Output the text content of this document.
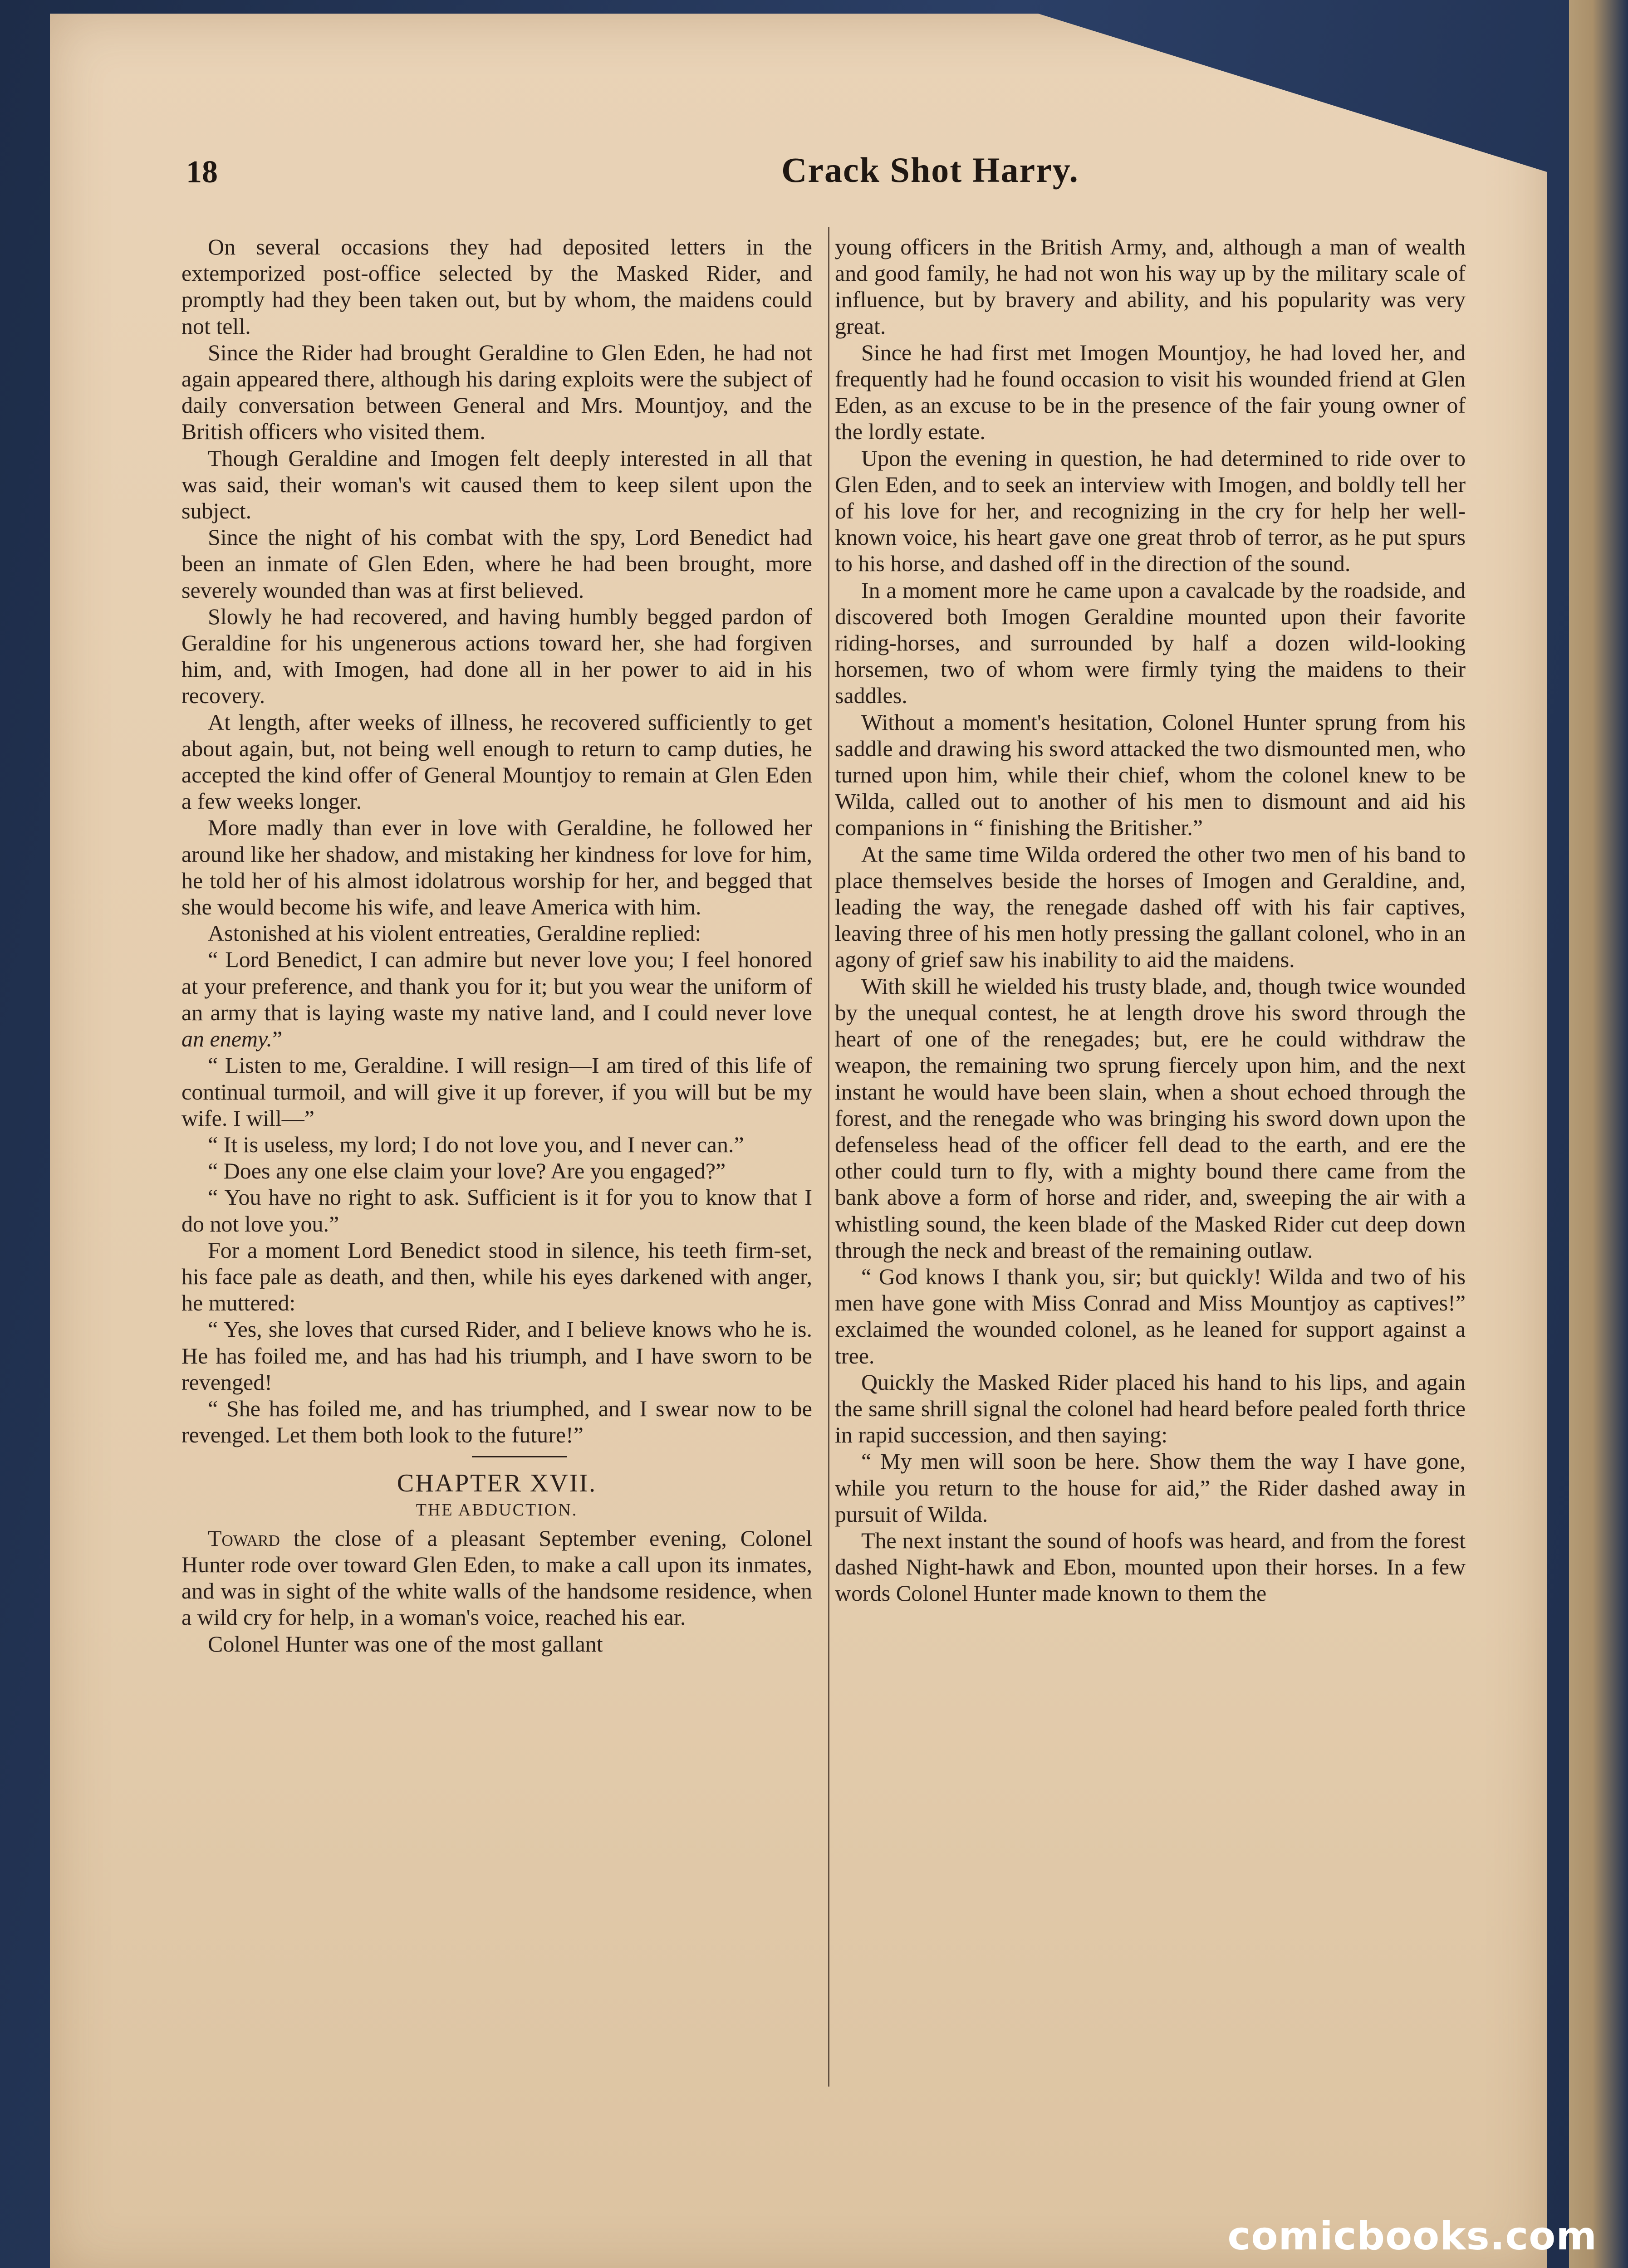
18	Crack Shot Harry.

On several occasions they had deposited letters in the extemporized post-office selected by the Masked Rider, and promptly had they been taken out, but by whom, the maidens could not tell.

Since the Rider had brought Geraldine to Glen Eden, he had not again appeared there, although his daring exploits were the subject of daily conversation between General and Mrs. Mountjoy, and the British officers who visited them.

Though Geraldine and Imogen felt deeply interested in all that was said, their woman's wit caused them to keep silent upon the subject.

Since the night of his combat with the spy, Lord Benedict had been an inmate of Glen Eden, where he had been brought, more severely wounded than was at first believed.

Slowly he had recovered, and having humbly begged pardon of Geraldine for his ungenerous actions toward her, she had forgiven him, and, with Imogen, had done all in her power to aid in his recovery.

At length, after weeks of illness, he recovered sufficiently to get about again, but, not being well enough to return to camp duties, he accepted the kind offer of General Mountjoy to remain at Glen Eden a few weeks longer.

More madly than ever in love with Geraldine, he followed her around like her shadow, and mistaking her kindness for love for him, he told her of his almost idolatrous worship for her, and begged that she would become his wife, and leave America with him.

Astonished at his violent entreaties, Geraldine replied:

“ Lord Benedict, I can admire but never love you; I feel honored at your preference, and thank you for it; but you wear the uniform of an army that is laying waste my native land, and I could never love an enemy.”

“ Listen to me, Geraldine. I will resign—I am tired of this life of continual turmoil, and will give it up forever, if you will but be my wife. I will—”

“ It is useless, my lord; I do not love you, and I never can.”

“ Does any one else claim your love? Are you engaged?”

“ You have no right to ask. Sufficient is it for you to know that I do not love you.”

For a moment Lord Benedict stood in silence, his teeth firm-set, his face pale as death, and then, while his eyes darkened with anger, he muttered:

“ Yes, she loves that cursed Rider, and I believe knows who he is. He has foiled me, and has had his triumph, and I have sworn to be revenged!

“ She has foiled me, and has triumphed, and I swear now to be revenged. Let them both look to the future!”

CHAPTER XVII.
THE ABDUCTION.

Toward the close of a pleasant September evening, Colonel Hunter rode over toward Glen Eden, to make a call upon its inmates, and was in sight of the white walls of the handsome residence, when a wild cry for help, in a woman's voice, reached his ear.

Colonel Hunter was one of the most gallant

young officers in the British Army, and, although a man of wealth and good family, he had not won his way up by the military scale of influence, but by bravery and ability, and his popularity was very great.

Since he had first met Imogen Mountjoy, he had loved her, and frequently had he found occasion to visit his wounded friend at Glen Eden, as an excuse to be in the presence of the fair young owner of the lordly estate.

Upon the evening in question, he had determined to ride over to Glen Eden, and to seek an interview with Imogen, and boldly tell her of his love for her, and recognizing in the cry for help her well-known voice, his heart gave one great throb of terror, as he put spurs to his horse, and dashed off in the direction of the sound.

In a moment more he came upon a cavalcade by the roadside, and discovered both Imogen Geraldine mounted upon their favorite riding-horses, and surrounded by half a dozen wild-looking horsemen, two of whom were firmly tying the maidens to their saddles.

Without a moment's hesitation, Colonel Hunter sprung from his saddle and drawing his sword attacked the two dismounted men, who turned upon him, while their chief, whom the colonel knew to be Wilda, called out to another of his men to dismount and aid his companions in “ finishing the Britisher.”

At the same time Wilda ordered the other two men of his band to place themselves beside the horses of Imogen and Geraldine, and, leading the way, the renegade dashed off with his fair captives, leaving three of his men hotly pressing the gallant colonel, who in an agony of grief saw his inability to aid the maidens.

With skill he wielded his trusty blade, and, though twice wounded by the unequal contest, he at length drove his sword through the heart of one of the renegades; but, ere he could withdraw the weapon, the remaining two sprung fiercely upon him, and the next instant he would have been slain, when a shout echoed through the forest, and the renegade who was bringing his sword down upon the defenseless head of the officer fell dead to the earth, and ere the other could turn to fly, with a mighty bound there came from the bank above a form of horse and rider, and, sweeping the air with a whistling sound, the keen blade of the Masked Rider cut deep down through the neck and breast of the remaining outlaw.

“ God knows I thank you, sir; but quickly! Wilda and two of his men have gone with Miss Conrad and Miss Mountjoy as captives!” exclaimed the wounded colonel, as he leaned for support against a tree.

Quickly the Masked Rider placed his hand to his lips, and again the same shrill signal the colonel had heard before pealed forth thrice in rapid succession, and then saying:

“ My men will soon be here. Show them the way I have gone, while you return to the house for aid,” the Rider dashed away in pursuit of Wilda.

The next instant the sound of hoofs was heard, and from the forest dashed Night-hawk and Ebon, mounted upon their horses. In a few words Colonel Hunter made known to them the

comicbooks.com
